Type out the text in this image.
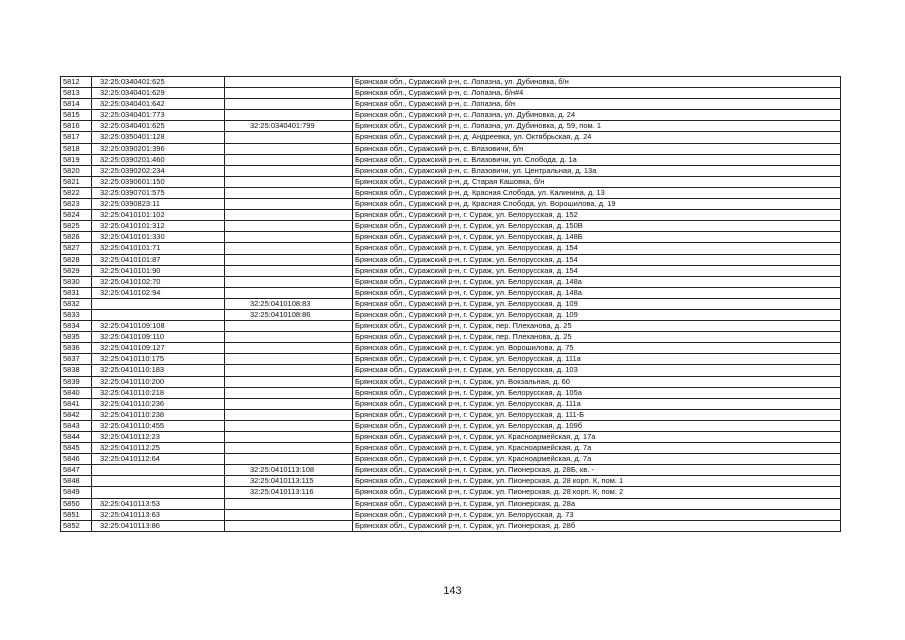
5812	32:25:0340401:625		Брянская обл., Суражский р-н, с. Лопазна, ул. Дубиновка, б/н
5813	32:25:0340401:629		Брянская обл., Суражский р-н, с. Лопазна, б/н#4
5814	32:25:0340401:642		Брянская обл., Суражский р-н, с. Лопазна, б/н
5815	32:25:0340401:773		Брянская обл., Суражский р-н, с. Лопазна, ул. Дубиновка, д. 24
5816	32:25:0340401:625	32:25:0340401:799	Брянская обл., Суражский р-н, с. Лопазна, ул. Дубиновка, д. 59, пом. 1
5817	32:25:0350401:128		Брянская обл., Суражский р-н, д. Андреевка, ул. Октябрьская, д. 24
5818	32:25:0390201:396		Брянская обл., Суражский р-н, с. Влазовичи, б/н
5819	32:25:0390201:460		Брянская обл., Суражский р-н, с. Влазовичи, ул. Слобода, д. 1а
5820	32:25:0390202:234		Брянская обл., Суражский р-н, с. Влазовичи, ул. Центральная, д. 13а
5821	32:25:0390601:150		Брянская обл., Суражский р-н, д. Старая Кашовка, б/н
5822	32:25:0390701:575		Брянская обл., Суражский р-н, д. Красная Слобода, ул. Калинина, д. 13
5823	32:25:0390823:11		Брянская обл., Суражский р-н, д. Красная Слобода, ул. Ворошилова, д. 19
5824	32:25:0410101:102		Брянская обл., Суражский р-н, г. Сураж, ул. Белорусская, д. 152
5825	32:25:0410101:312		Брянская обл., Суражский р-н, г. Сураж, ул. Белорусская, д. 150В
5826	32:25:0410101:330		Брянская обл., Суражский р-н, г. Сураж, ул. Белорусская, д. 148Б
5827	32:25:0410101:71		Брянская обл., Суражский р-н, г. Сураж, ул. Белорусская, д. 154
5828	32:25:0410101:87		Брянская обл., Суражский р-н, г. Сураж, ул. Белорусская, д. 154
5829	32:25:0410101:90		Брянская обл., Суражский р-н, г. Сураж, ул. Белорусская, д. 154
5830	32:25:0410102:70		Брянская обл., Суражский р-н, г. Сураж, ул. Белорусская, д. 148а
5831	32:25:0410102:94		Брянская обл., Суражский р-н, г. Сураж, ул. Белорусская, д. 148а
5832		32:25:0410108:83	Брянская обл., Суражский р-н, г. Сураж, ул. Белорусская, д. 109
5833		32:25:0410108:86	Брянская обл., Суражский р-н, г. Сураж, ул. Белорусская, д. 109
5834	32:25:0410109:108		Брянская обл., Суражский р-н, г. Сураж, пер. Плеханова, д. 25
5835	32:25:0410109:110		Брянская обл., Суражский р-н, г. Сураж, пер. Плеханова, д. 25
5836	32:25:0410109:127		Брянская обл., Суражский р-н, г. Сураж, ул. Ворошилова, д. 75
5837	32:25:0410110:175		Брянская обл., Суражский р-н, г. Сураж, ул. Белорусская, д. 111а
5838	32:25:0410110:183		Брянская обл., Суражский р-н, г. Сураж, ул. Белорусская, д. 103
5839	32:25:0410110:200		Брянская обл., Суражский р-н, г. Сураж, ул. Вокзальная, д. 60
5840	32:25:0410110:218		Брянская обл., Суражский р-н, г. Сураж, ул. Белорусская, д. 105а
5841	32:25:0410110:236		Брянская обл., Суражский р-н, г. Сураж, ул. Белорусская, д. 111а
5842	32:25:0410110:238		Брянская обл., Суражский р-н, г. Сураж, ул. Белорусская, д. 111-Б
5843	32:25:0410110:455		Брянская обл., Суражский р-н, г. Сураж, ул. Белорусская, д. 109б
5844	32:25:0410112:23		Брянская обл., Суражский р-н, г. Сураж, ул. Красноармейская, д. 17а
5845	32:25:0410112:25		Брянская обл., Суражский р-н, г. Сураж, ул. Красноармейская, д. 7а
5846	32:25:0410112:64		Брянская обл., Суражский р-н, г. Сураж, ул. Красноармейская, д. 7а
5847		32:25:0410113:108	Брянская обл., Суражский р-н, г. Сураж, ул. Пионерская, д. 28Б, кв. -
5848		32:25:0410113:115	Брянская обл., Суражский р-н, г. Сураж, ул. Пионерская, д. 28 корп. К, пом. 1
5849		32:25:0410113:116	Брянская обл., Суражский р-н, г. Сураж, ул. Пионерская, д. 28 корп. К, пом. 2
5850	32:25:0410113:53		Брянская обл., Суражский р-н, г. Сураж, ул. Пионерская, д. 28а
5851	32:25:0410113:63		Брянская обл., Суражский р-н, г. Сураж, ул. Белорусская, д. 73
5852	32:25:0410113:86		Брянская обл., Суражский р-н, г. Сураж, ул. Пионерская, д. 28б
143
